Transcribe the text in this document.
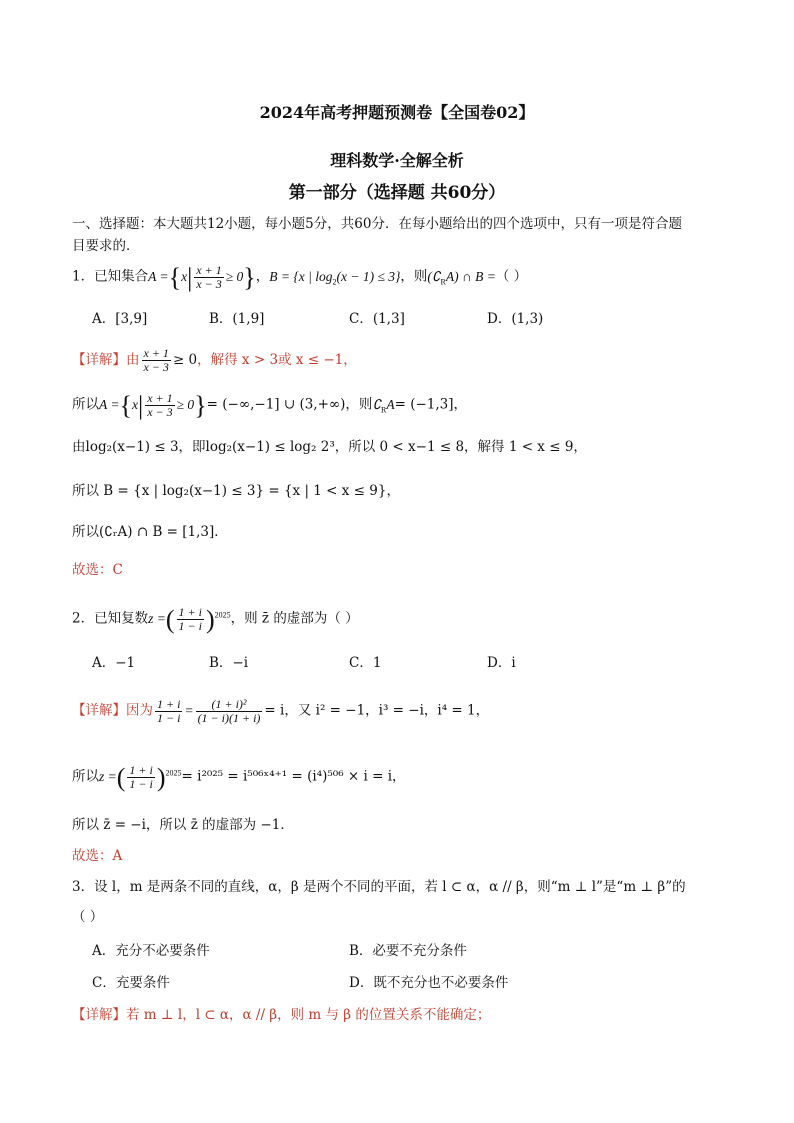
2024年高考押题预测卷【全国卷02】
理科数学·全解全析
第一部分（选择题 共60分）
一、选择题：本大题共12小题，每小题5分，共60分．在每小题给出的四个选项中，只有一项是符合题
目要求的．
1．已知集合$A =\{x| \frac{x + 1}{x - 3} \ge 0\}$，B = {x | $\log_2(x - 1) \le 3$}，则$(∁_RA)$ ∩ B =（ ）
A．[3,9]	B．(1,9]	C．(1,3]	D．(1,3)
【详解】由 $\frac{x + 1}{x - 3} \ge 0$，解得 x > 3或 x ≤ −1，
所以$A =\{x| \frac{x + 1}{x - 3} \ge 0\}= (-\infty,-1]$ ∪ (3,+∞)，则$∁_RA= (-1,3]$，
由log₂(x−1) ≤ 3，即log₂(x−1) ≤ log₂ 2³，所以 0 < x−1 ≤ 8，解得 1 < x ≤ 9，
所以 B = {x | log₂(x−1) ≤ 3} = {x | 1 < x ≤ 9}，
所以(∁ᵣA) ∩ B = [1,3]．
故选：C
2．已知复数z =( $\frac{1 + i}{1 - i} )^{2025}$，则 z̄ 的虚部为（ ）
A．−1	B．−i	C．1	D．i
【详解】因为 $\frac{1 + i}{1 - i} = \frac{\text{(1 + i)²}}{(1 - i)(1 + i)} = i$，又 i² = −1，i³ = −i，i⁴ = 1，
所以z =( $\frac{1 + i}{1 - i} )^{2025}= i^{2025}$ = i⁵⁰⁶ˣ⁴⁺¹ = (i⁴)⁵⁰⁶ × i = i，
所以 z̄ = −i，所以 z̄ 的虚部为 −1．
故选：A
3．设 l，m 是两条不同的直线，α，β 是两个不同的平面，若 l ⊂ α，α // β，则“m ⊥ l”是“m ⊥ β”的
（ ）
A．充分不必要条件	B．必要不充分条件
C．充要条件	D．既不充分也不必要条件
【详解】若 m ⊥ l，l ⊂ α，α // β，则 m 与 β 的位置关系不能确定；
